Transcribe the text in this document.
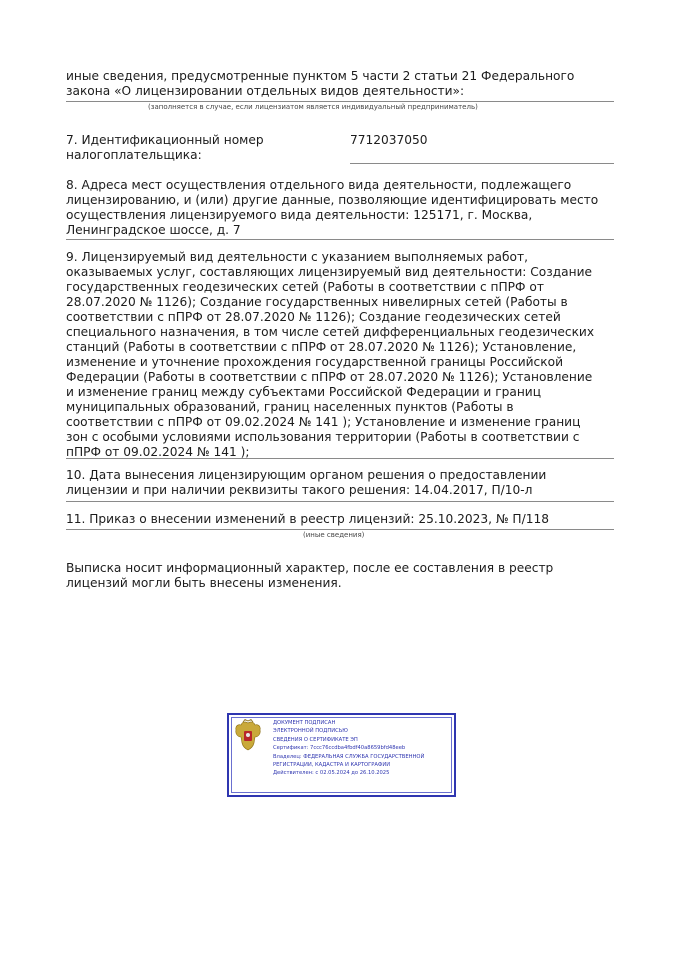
иные сведения, предусмотренные пунктом 5 части 2 статьи 21 Федерального
закона «О лицензировании отдельных видов деятельности»:
(заполняется в случае, если лицензиатом является индивидуальный предприниматель)
7. Идентификационный номер
налогоплательщика:
7712037050
8. Адреса мест осуществления отдельного вида деятельности, подлежащего
лицензированию, и (или) другие данные, позволяющие идентифицировать место
осуществления лицензируемого вида деятельности: 125171, г. Москва,
Ленинградское шоссе, д. 7
9. Лицензируемый вид деятельности с указанием выполняемых работ,
оказываемых услуг, составляющих лицензируемый вид деятельности: Создание
государственных геодезических сетей (Работы в соответствии с пПРФ от
28.07.2020 № 1126); Создание государственных нивелирных сетей (Работы в
соответствии с пПРФ от 28.07.2020 № 1126); Создание геодезических сетей
специального назначения, в том числе сетей дифференциальных геодезических
станций (Работы в соответствии с пПРФ от 28.07.2020 № 1126); Установление,
изменение и уточнение прохождения государственной границы Российской
Федерации (Работы в соответствии с пПРФ от 28.07.2020 № 1126); Установление
и изменение границ между субъектами Российской Федерации и границ
муниципальных образований, границ населенных пунктов (Работы в
соответствии с пПРФ от 09.02.2024 № 141 ); Установление и изменение границ
зон с особыми условиями использования территории (Работы в соответствии с
пПРФ от 09.02.2024 № 141 );
10. Дата вынесения лицензирующим органом решения о предоставлении
лицензии и при наличии реквизиты такого решения: 14.04.2017, П/10-л
11. Приказ о внесении изменений в реестр лицензий: 25.10.2023, № П/118
(иные сведения)
Выписка носит информационный характер, после ее составления в реестр
лицензий могли быть внесены изменения.
ДОКУМЕНТ ПОДПИСАН
ЭЛЕКТРОННОЙ ПОДПИСЬЮ
СВЕДЕНИЯ О СЕРТИФИКАТЕ ЭП
Сертификат: 7ccc76ccdba4fbdf40a8659bfd48eeb
Владелец: ФЕДЕРАЛЬНАЯ СЛУЖБА ГОСУДАРСТВЕННОЙ
РЕГИСТРАЦИИ, КАДАСТРА И КАРТОГРАФИИ
Действителен: с 02.05.2024 до 26.10.2025
